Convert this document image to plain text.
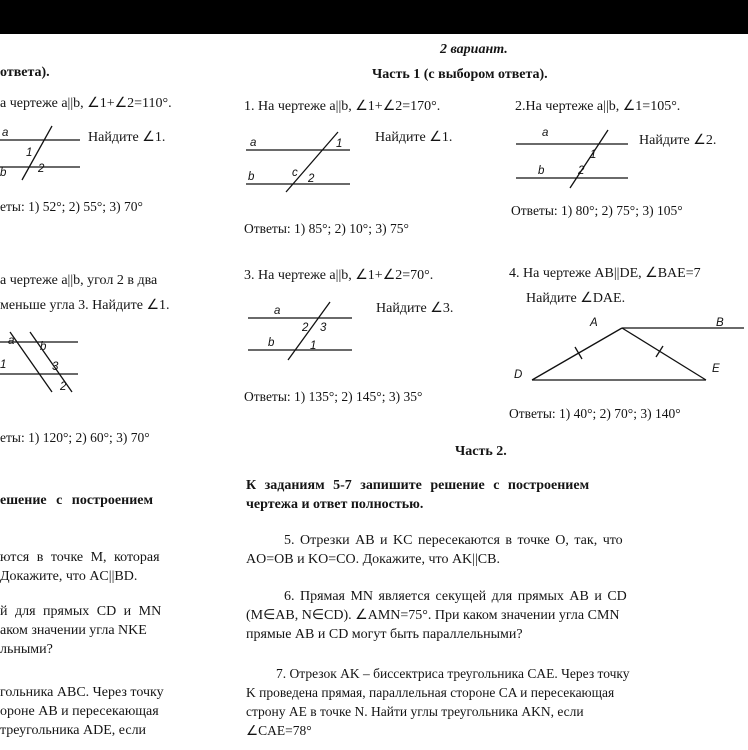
2 вариант.
ответа).	Часть 1 (с выбором ответа).
а чертеже a||b, ∠1+∠2=110°.
Найдите ∠1.
a
b
1
2
еты: 1) 52°; 2) 55°; 3) 70°
а чертеже a||b, угол 2 в два
меньше угла 3. Найдите ∠1.
a b
1	3
2
еты: 1) 120°; 2) 60°; 3) 70°
ешение с построением
ются в точке M, которая
Докажите, что AC||BD.
й для прямых CD и MN
аком значении угла NKE
льными?
гольника ABC. Через точку
ороне AB и пересекающая
треугольника ADE, если
1. На чертеже a||b, ∠1+∠2=170°.
Найдите ∠1.
a
b
1
c 2
Ответы: 1) 85°; 2) 10°; 3) 75°
2.На чертеже a||b, ∠1=105°.
Найдите ∠2.
a
b
1
2
Ответы: 1) 80°; 2) 75°; 3) 105°
3. На чертеже a||b, ∠1+∠2=70°.
Найдите ∠3.
a
b
2 3
1
Ответы: 1) 135°; 2) 145°; 3) 35°
4. На чертеже AB||DE, ∠BAE=7
Найдите ∠DAE.
A	B
D	E
Ответы: 1) 40°; 2) 70°; 3) 140°
Часть 2.
К заданиям 5-7 запишите решение с построением
чертежа и ответ полностью.
5. Отрезки AB и KC пересекаются в точке O, так, что
AO=OB и KO=CO. Докажите, что AK||CB.
6. Прямая MN является секущей для прямых AB и CD
(M∈AB, N∈CD). ∠AMN=75°. При каком значении угла CMN
прямые AB и CD могут быть параллельными?
7. Отрезок AK – биссектриса треугольника CAE. Через точку
K проведена прямая, параллельная стороне CA и пересекающая
строну AE в точке N. Найти углы треугольника AKN, если
∠CAE=78°
